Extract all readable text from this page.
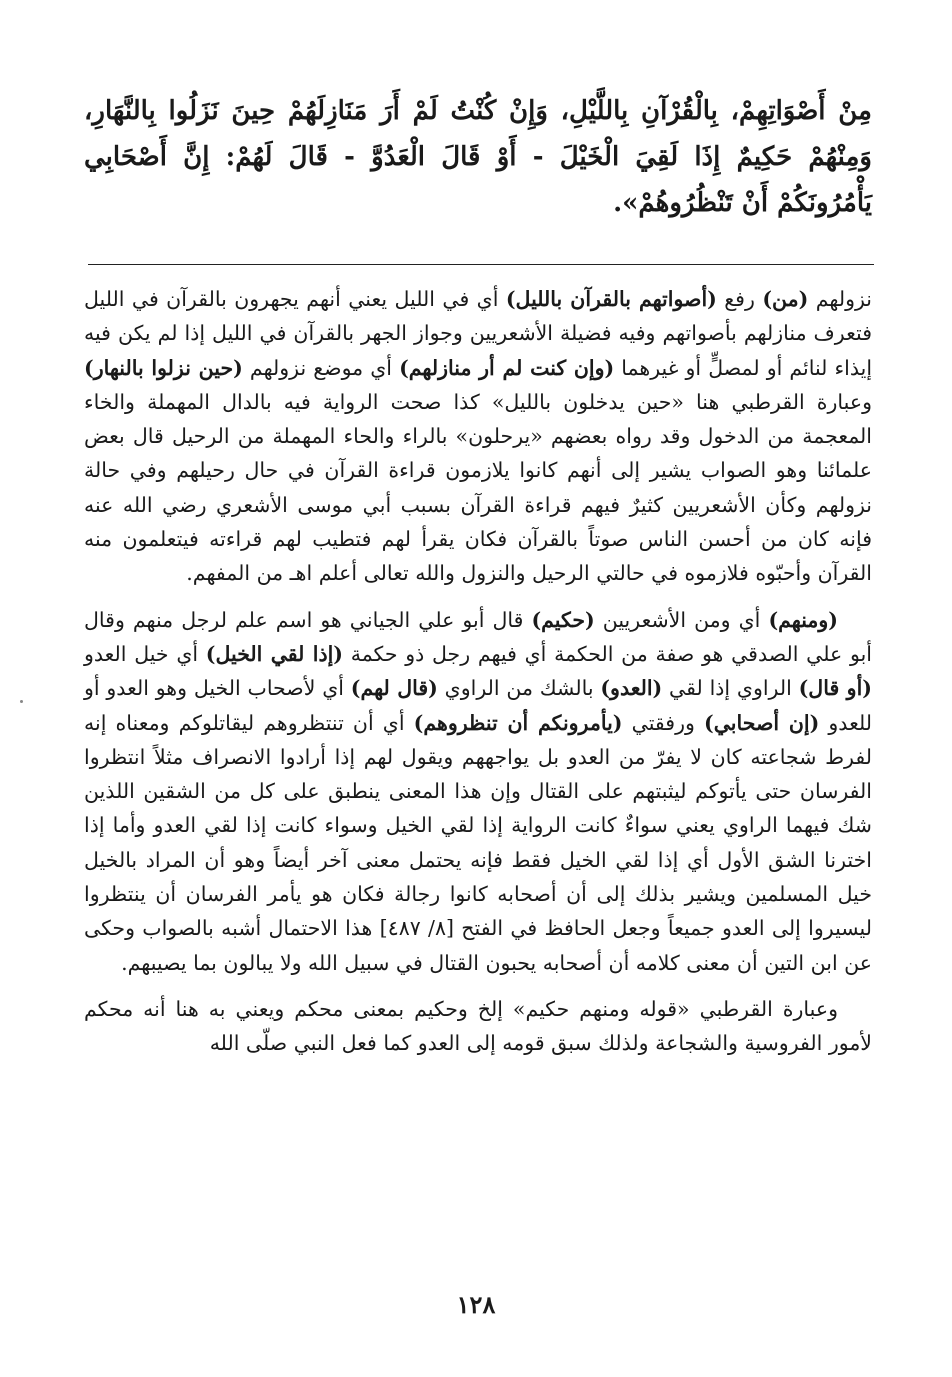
مِنْ أَصْوَاتِهِمْ، بِالْقُرْآنِ بِاللَّيْلِ، وَإِنْ كُنْتُ لَمْ أَرَ مَنَازِلَهُمْ حِينَ نَزَلُوا بِالنَّهَارِ، وَمِنْهُمْ حَكِيمٌ إِذَا لَقِيَ الْخَيْلَ - أَوْ قَالَ الْعَدُوَّ - قَالَ لَهُمْ: إِنَّ أَصْحَابِي يَأْمُرُونَكُمْ أَنْ تَنْظُرُوهُمْ».

نزولهم (من) رفع (أصواتهم بالقرآن بالليل) أي في الليل يعني أنهم يجهرون بالقرآن في الليل فتعرف منازلهم بأصواتهم وفيه فضيلة الأشعريين وجواز الجهر بالقرآن في الليل إذا لم يكن فيه إيذاء لنائم أو لمصلٍّ أو غيرهما (وإن كنت لم أر منازلهم) أي موضع نزولهم (حين نزلوا بالنهار) وعبارة القرطبي هنا «حين يدخلون بالليل» كذا صحت الرواية فيه بالدال المهملة والخاء المعجمة من الدخول وقد رواه بعضهم «يرحلون» بالراء والحاء المهملة من الرحيل قال بعض علمائنا وهو الصواب يشير إلى أنهم كانوا يلازمون قراءة القرآن في حال رحيلهم وفي حالة نزولهم وكأن الأشعريين كثيرٌ فيهم قراءة القرآن بسبب أبي موسى الأشعري رضي الله عنه فإنه كان من أحسن الناس صوتاً بالقرآن فكان يقرأ لهم فتطيب لهم قراءته فيتعلمون منه القرآن وأحبّوه فلازموه في حالتي الرحيل والنزول والله تعالى أعلم اهـ من المفهم.

(ومنهم) أي ومن الأشعريين (حكيم) قال أبو علي الجياني هو اسم علم لرجل منهم وقال أبو علي الصدقي هو صفة من الحكمة أي فيهم رجل ذو حكمة (إذا لقي الخيل) أي خيل العدو (أو قال) الراوي إذا لقي (العدو) بالشك من الراوي (قال لهم) أي لأصحاب الخيل وهو العدو أو للعدو (إن أصحابي) ورفقتي (يأمرونكم أن تنظروهم) أي أن تنتظروهم ليقاتلوكم ومعناه إنه لفرط شجاعته كان لا يفرّ من العدو بل يواجههم ويقول لهم إذا أرادوا الانصراف مثلاً انتظروا الفرسان حتى يأتوكم ليثبتهم على القتال وإن هذا المعنى ينطبق على كل من الشقين اللذين شك فيهما الراوي يعني سواءٌ كانت الرواية إذا لقي الخيل وسواء كانت إذا لقي العدو وأما إذا اخترنا الشق الأول أي إذا لقي الخيل فقط فإنه يحتمل معنى آخر أيضاً وهو أن المراد بالخيل خيل المسلمين ويشير بذلك إلى أن أصحابه كانوا رجالة فكان هو يأمر الفرسان أن ينتظروا ليسيروا إلى العدو جميعاً وجعل الحافظ في الفتح [٨/ ٤٨٧] هذا الاحتمال أشبه بالصواب وحكى عن ابن التين أن معنى كلامه أن أصحابه يحبون القتال في سبيل الله ولا يبالون بما يصيبهم.

وعبارة القرطبي «قوله ومنهم حكيم» إلخ وحكيم بمعنى محكم ويعني به هنا أنه محكم لأمور الفروسية والشجاعة ولذلك سبق قومه إلى العدو كما فعل النبي صلّى الله

١٢٨
